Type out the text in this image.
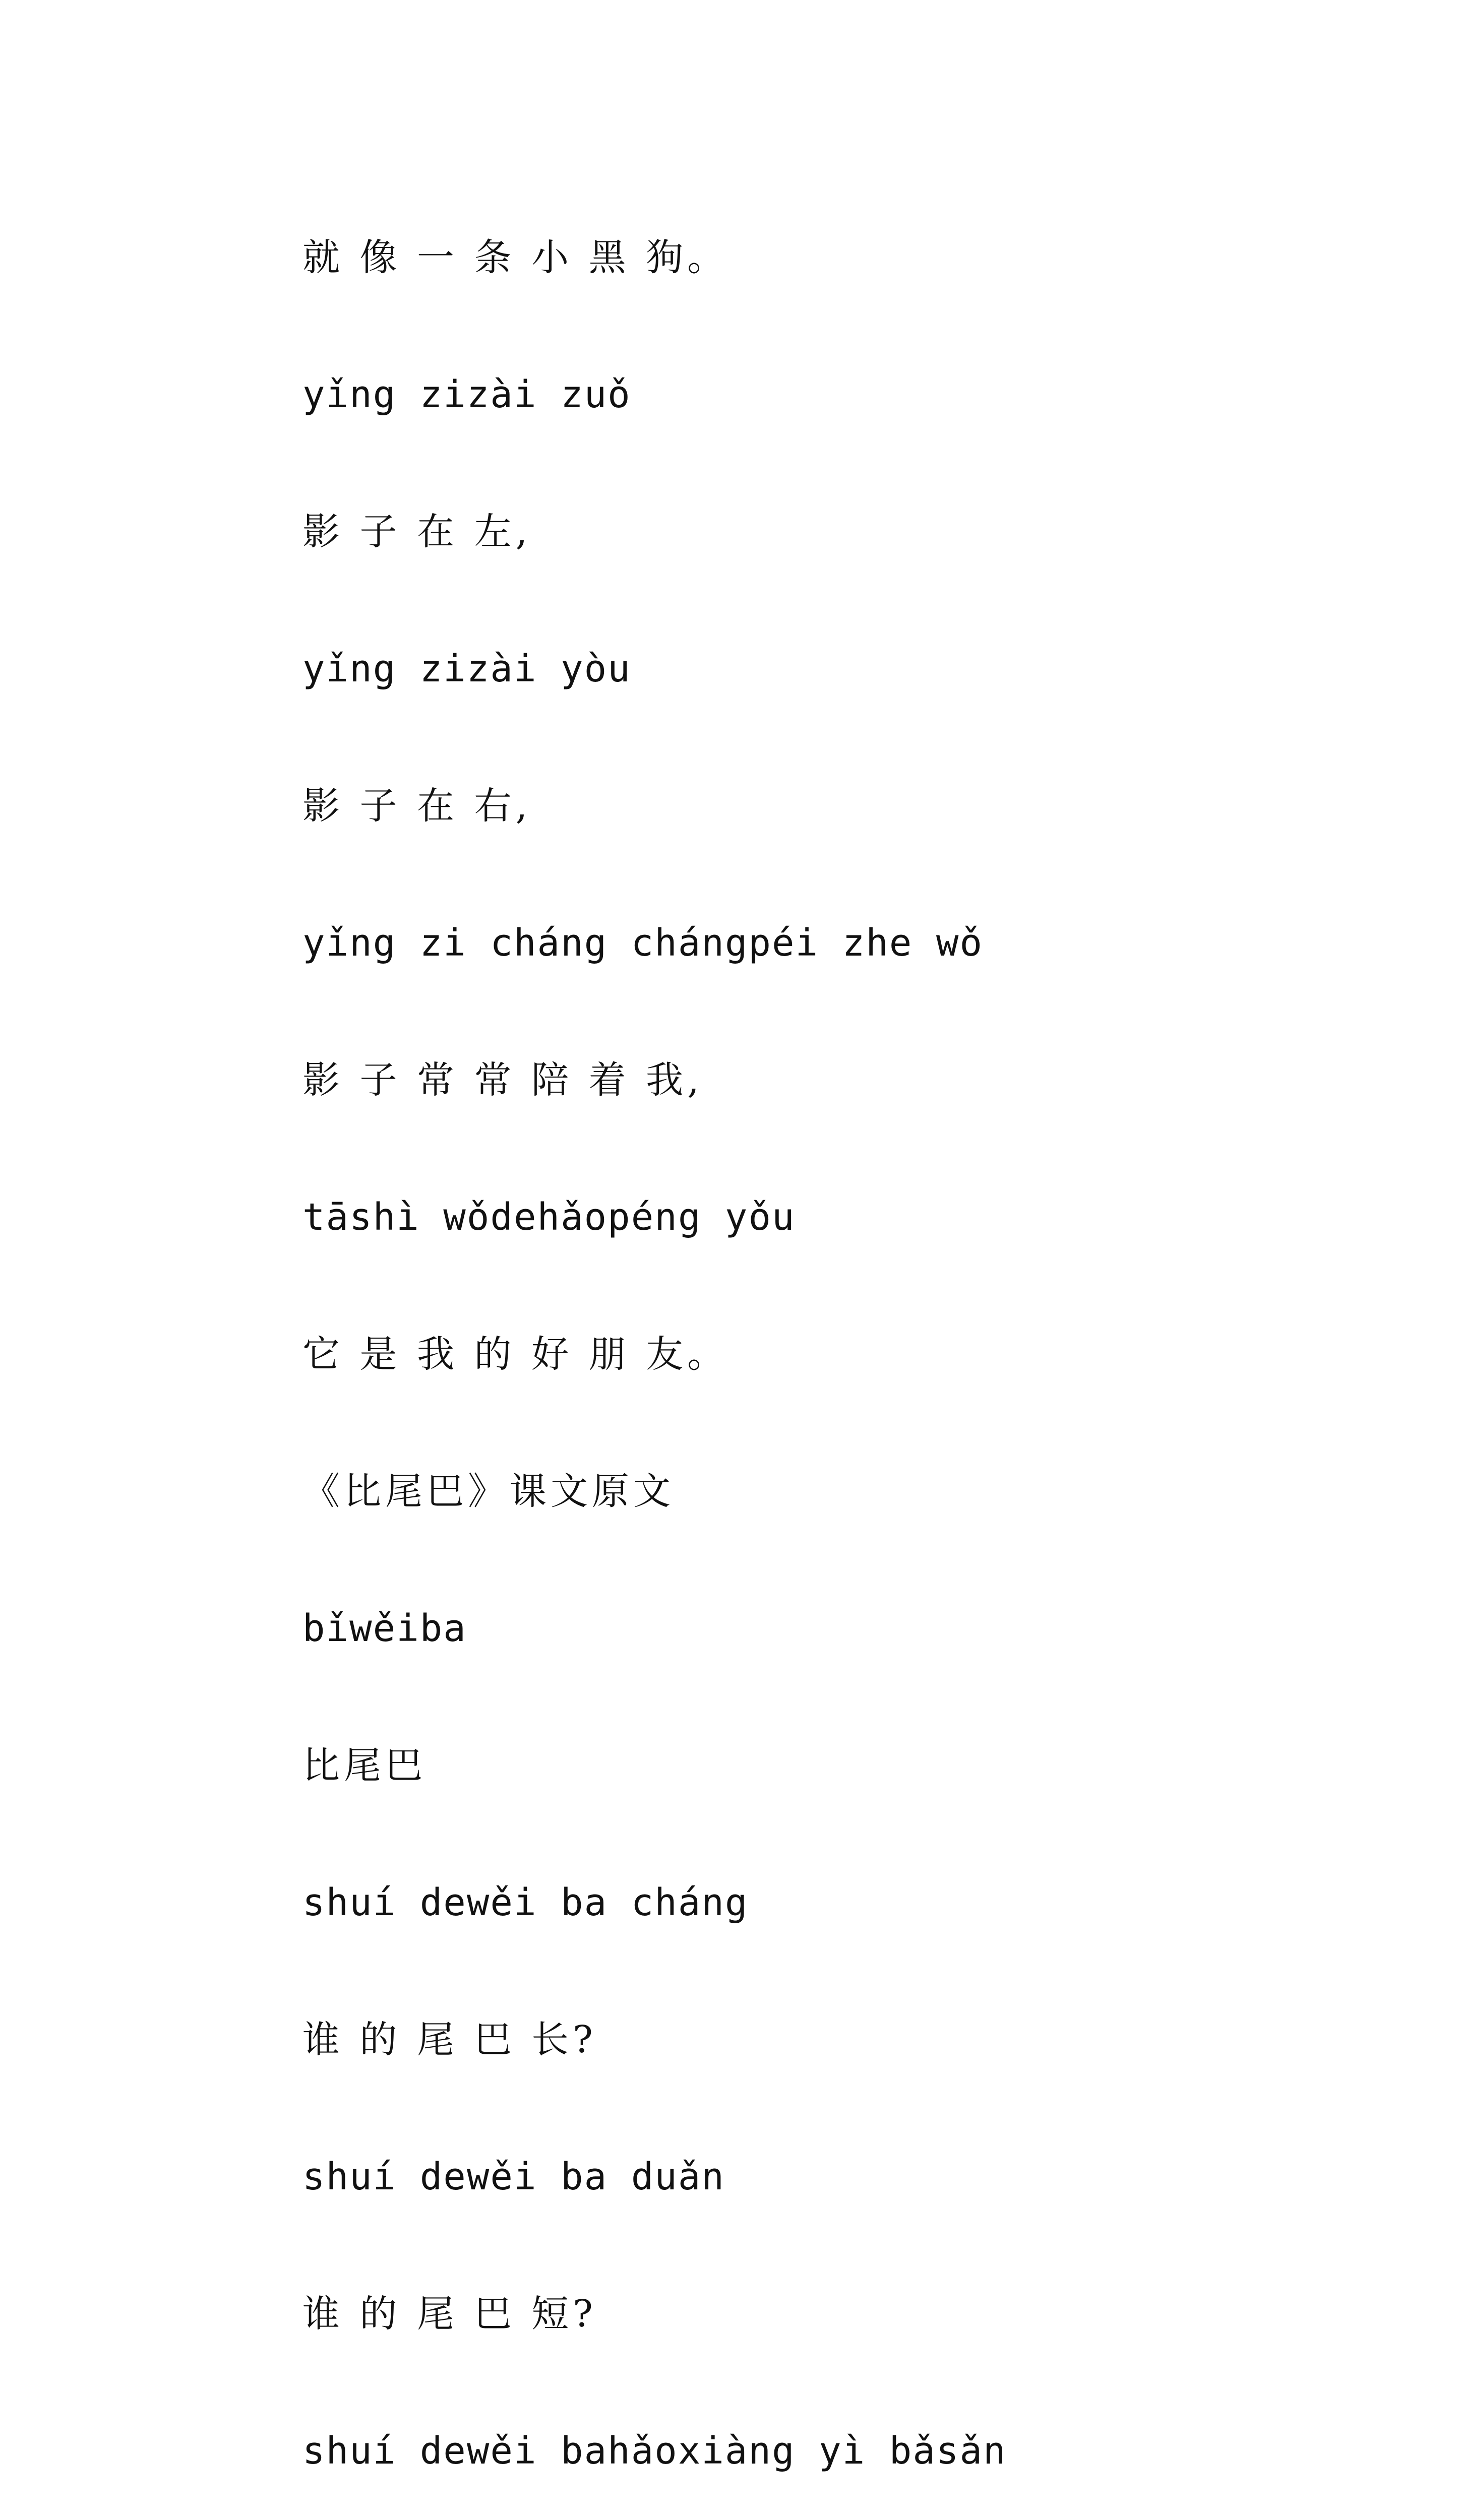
就 像 一 条 小 黑 狗。
yǐng zizài zuǒ
影 子 在 左,
yǐng zizài yòu
影 子 在 右,
yǐng zi cháng chángpéi zhe wǒ
影 子 常 常 陪 着 我,
tāshì wǒdehǎopéng yǒu
它 是 我 的 好 朋 友。
《比尾巴》课文原文
bǐwěiba
比尾巴
shuí dewěi ba cháng
谁 的 尾 巴 长?
shuí dewěi ba duǎn
谁 的 尾 巴 短?
shuí dewěi bahǎoxiàng yì bǎsǎn
